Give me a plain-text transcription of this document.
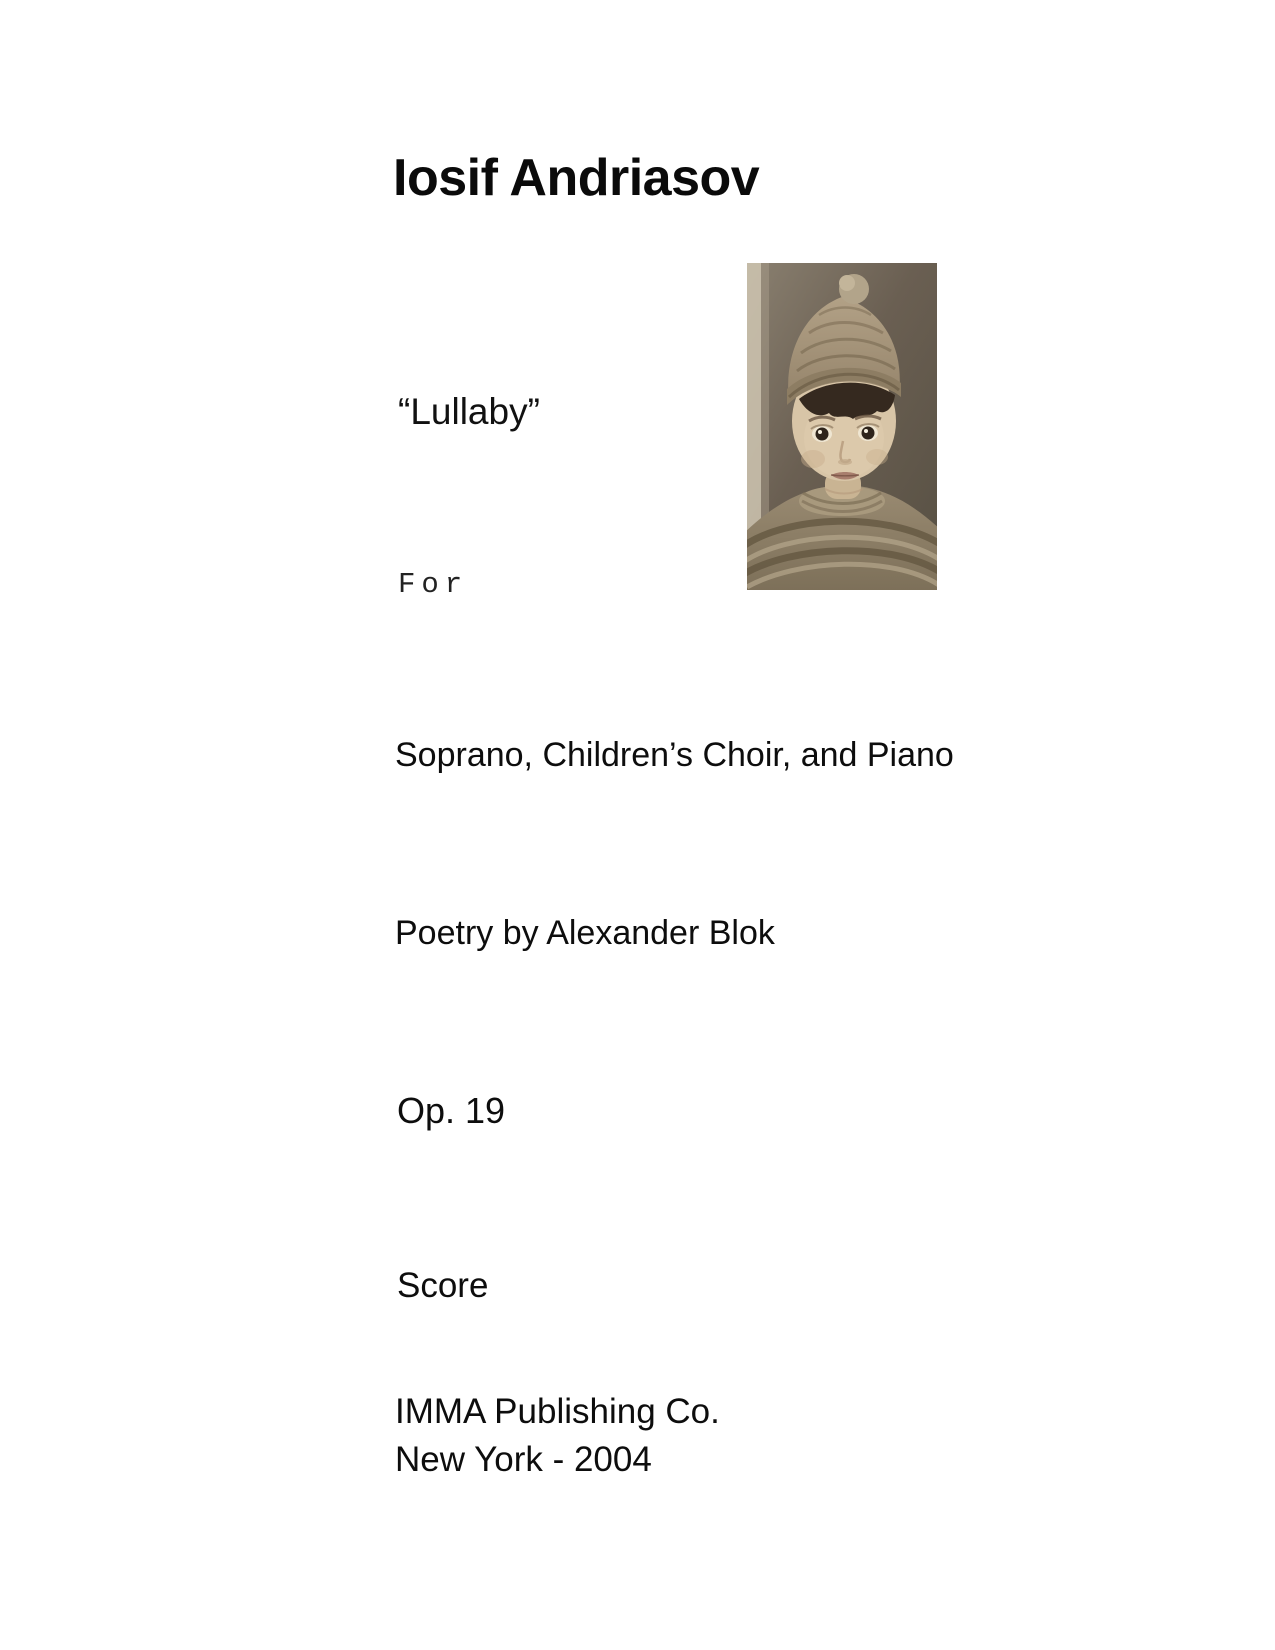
Iosif Andriasov
“Lullaby”
For
Soprano, Children’s Choir, and Piano
Poetry by Alexander Blok
Op. 19
Score
IMMA Publishing Co.
New York - 2004
